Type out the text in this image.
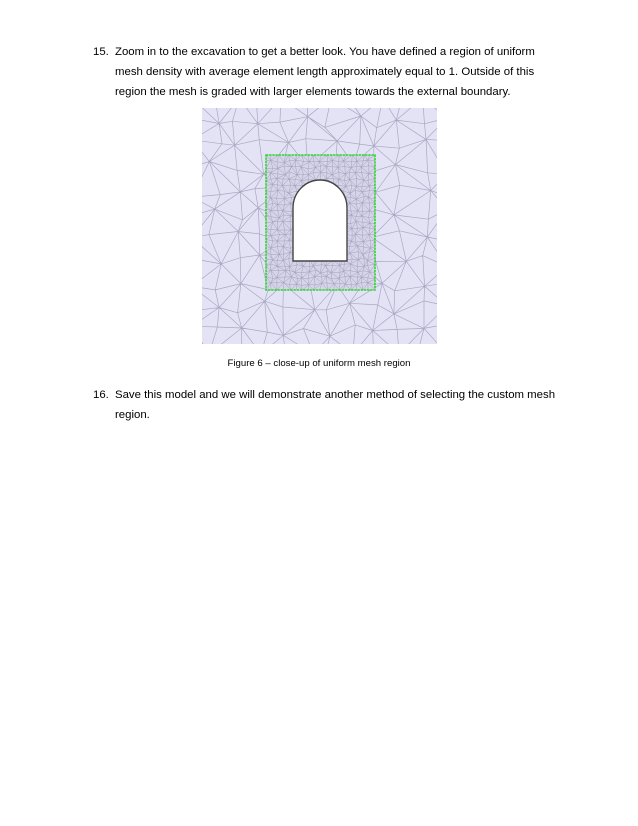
15. Zoom in to the excavation to get a better look. You have defined a region of uniform mesh density with average element length approximately equal to 1. Outside of this region the mesh is graded with larger elements towards the external boundary.
Figure 6 – close-up of uniform mesh region
16. Save this model and we will demonstrate another method of selecting the custom mesh region.
